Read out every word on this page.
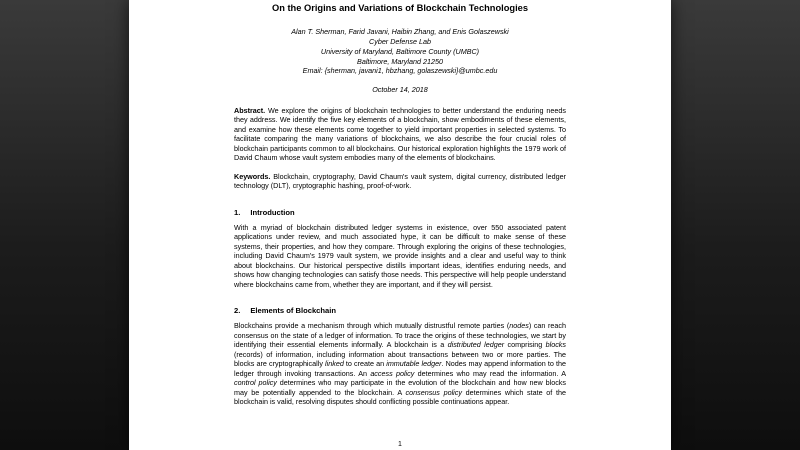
On the Origins and Variations of Blockchain Technologies
Alan T. Sherman, Farid Javani, Haibin Zhang, and Enis Golaszewski
Cyber Defense Lab
University of Maryland, Baltimore County (UMBC)
Baltimore, Maryland 21250
Email: {sherman, javani1, hbzhang, golaszewski}@umbc.edu
October 14, 2018

Abstract. We explore the origins of blockchain technologies to better understand the enduring needs they address. We identify the five key elements of a blockchain, show embodiments of these elements, and examine how these elements come together to yield important properties in selected systems. To facilitate comparing the many variations of blockchains, we also describe the four crucial roles of blockchain participants common to all blockchains. Our historical exploration highlights the 1979 work of David Chaum whose vault system embodies many of the elements of blockchains.

Keywords. Blockchain, cryptography, David Chaum's vault system, digital currency, distributed ledger technology (DLT), cryptographic hashing, proof-of-work.

1. Introduction

With a myriad of blockchain distributed ledger systems in existence, over 550 associated patent applications under review, and much associated hype, it can be difficult to make sense of these systems, their properties, and how they compare. Through exploring the origins of these technologies, including David Chaum's 1979 vault system, we provide insights and a clear and useful way to think about blockchains. Our historical perspective distills important ideas, identifies enduring needs, and shows how changing technologies can satisfy those needs. This perspective will help people understand where blockchains came from, whether they are important, and if they will persist.

2. Elements of Blockchain

Blockchains provide a mechanism through which mutually distrustful remote parties (nodes) can reach consensus on the state of a ledger of information. To trace the origins of these technologies, we start by identifying their essential elements informally. A blockchain is a distributed ledger comprising blocks (records) of information, including information about transactions between two or more parties. The blocks are cryptographically linked to create an immutable ledger. Nodes may append information to the ledger through invoking transactions. An access policy determines who may read the information. A control policy determines who may participate in the evolution of the blockchain and how new blocks may be potentially appended to the blockchain. A consensus policy determines which state of the blockchain is valid, resolving disputes should conflicting possible continuations appear.

1
